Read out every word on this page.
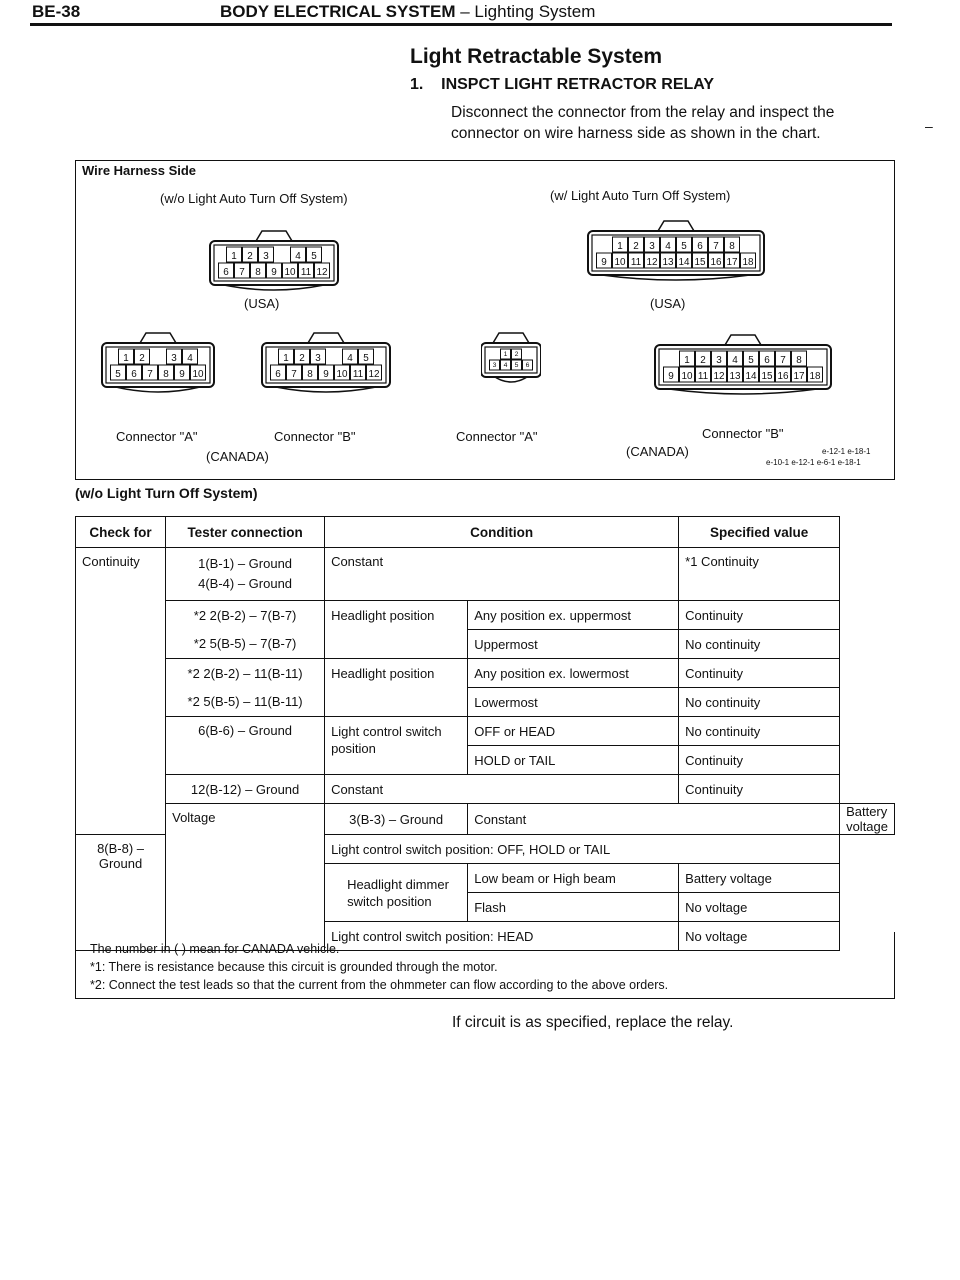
BE-38	BODY ELECTRICAL SYSTEM – Lighting System
Light Retractable System
1. INSPCT LIGHT RETRACTOR RELAY
Disconnect the connector from the relay and inspect the connector on wire harness side as shown in the chart.	–
Wire Harness Side
(w/o Light Auto Turn Off System)	(w/ Light Auto Turn Off System)
1 2 3	4 5
6 7 8 9 10 11 12
(USA)
1 2 3 4 5 6 7 8
9 10 11 12 13 14 15 16 17 18
(USA)
1 2	3 4
5 6 7 8 9 10
1 2 3	4 5
6 7 8 9 10 11 12
1 2
3 4 5 6	1 2 3 4 5 6 7 8
9 10 11 12 13 14 15 16 17 18
Connector "A"	Connector "B"
(CANADA)
Connector "A"	Connector "B"
(CANADA)	e-12-1 e-18-1
e-10-1 e-12-1 e-6-1 e-18-1
(w/o Light Turn Off System)
Check for	Tester connection	Condition		Specified value	
Continuity	1(B-1) – Ground
4(B-4) – Ground	Constant		*1 Continuity	
	*2 2(B-2) – 7(B-7)	Headlight position	Any position ex. uppermost	Continuity	
	*2 5(B-5) – 7(B-7)		Uppermost	No continuity	
	*2 2(B-2) – 11(B-11)	Headlight position	Any position ex. lowermost	Continuity	
	*2 5(B-5) – 11(B-11)		Lowermost	No continuity	
	6(B-6) – Ground	Light control switch position	OFF or HEAD	No continuity	
			HOLD or TAIL	Continuity	
	12(B-12) – Ground	Constant		Continuity	
	Voltage	3(B-3) – Ground	Constant		Battery voltage
8(B-8) – Ground		Light control switch position: OFF, HOLD or TAIL			
		Headlight dimmer switch position	Low beam or High beam	Battery voltage	
			Flash	No voltage	
		Light control switch position: HEAD		No voltage	
The number in ( ) mean for CANADA vehicle.
*1: There is resistance because this circuit is grounded through the motor.
*2: Connect the test leads so that the current from the ohmmeter can flow according to the above orders.
If circuit is as specified, replace the relay.
